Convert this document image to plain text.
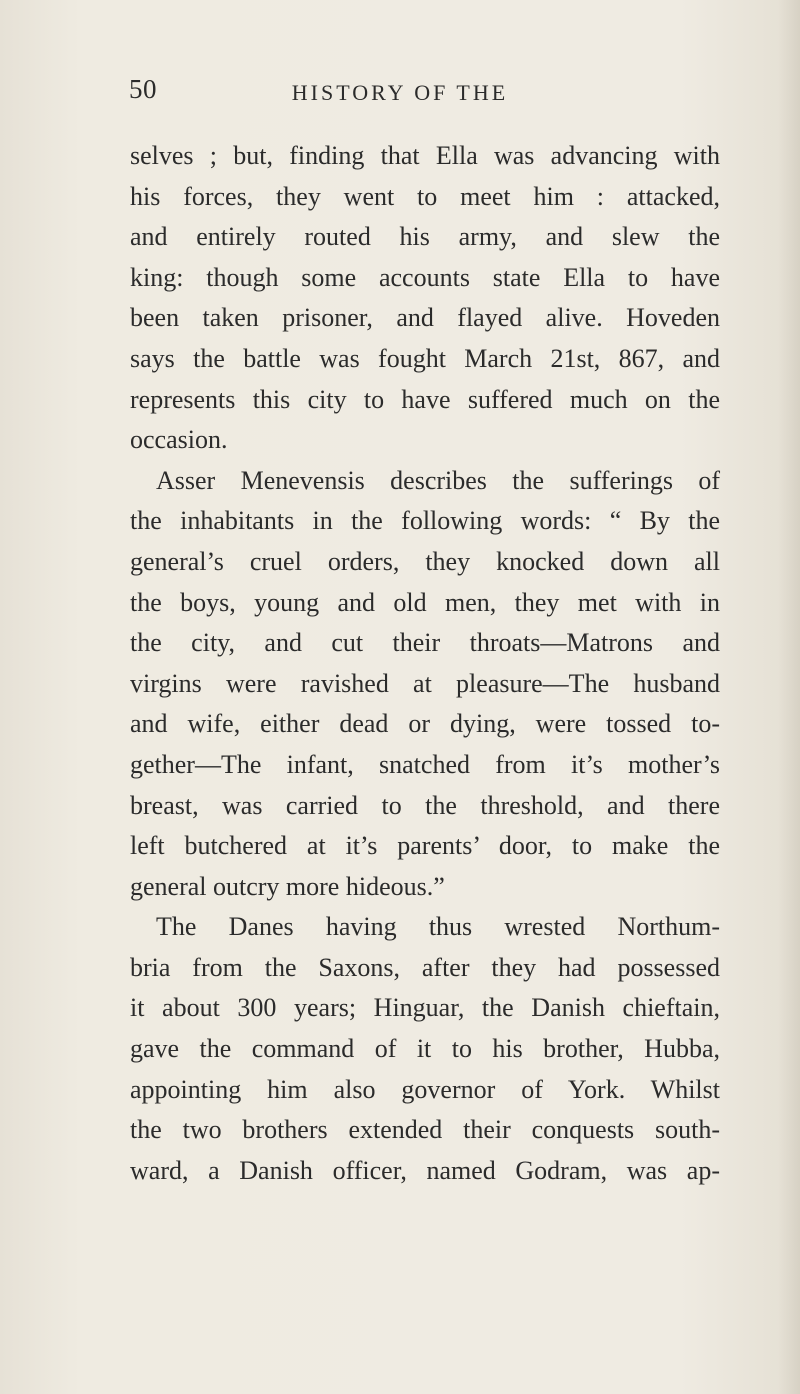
50	HISTORY OF THE
selves ; but, finding that Ella was advancing with
his forces, they went to meet him : attacked,
and entirely routed his army, and slew the
king: though some accounts state Ella to have
been taken prisoner, and flayed alive. Hoveden
says the battle was fought March 21st, 867, and
represents this city to have suffered much on the
occasion.
Asser Menevensis describes the sufferings of
the inhabitants in the following words: “ By the
general’s cruel orders, they knocked down all
the boys, young and old men, they met with in
the city, and cut their throats—Matrons and
virgins were ravished at pleasure—The husband
and wife, either dead or dying, were tossed to-
gether—The infant, snatched from it’s mother’s
breast, was carried to the threshold, and there
left butchered at it’s parents’ door, to make the
general outcry more hideous.”
The Danes having thus wrested Northum-
bria from the Saxons, after they had possessed
it about 300 years; Hinguar, the Danish chieftain,
gave the command of it to his brother, Hubba,
appointing him also governor of York. Whilst
the two brothers extended their conquests south-
ward, a Danish officer, named Godram, was ap-
